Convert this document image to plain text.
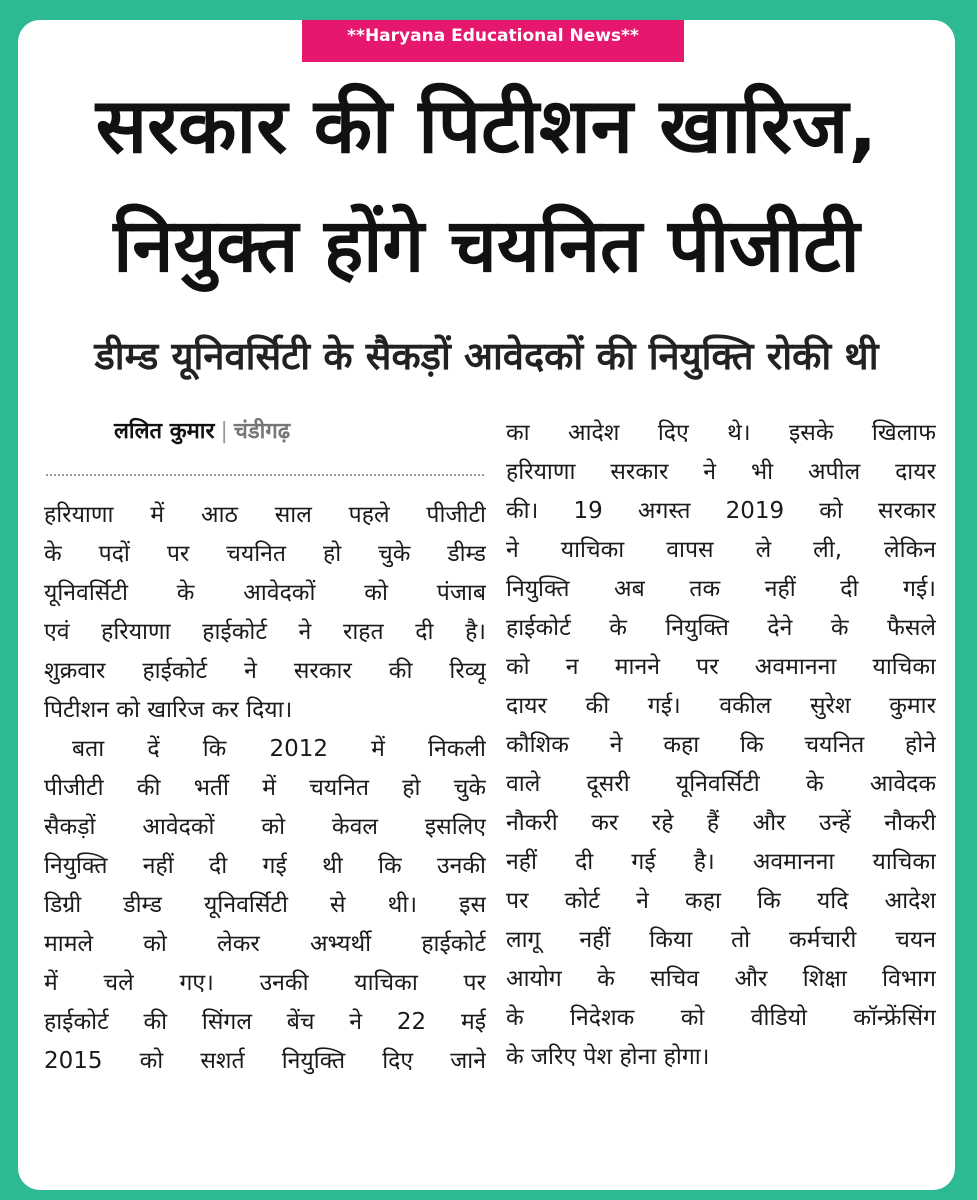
**Haryana Educational News**
सरकार की पिटीशन खारिज,
नियुक्त होंगे चयनित पीजीटी
डीम्ड यूनिवर्सिटी के सैकड़ों आवेदकों की नियुक्ति रोकी थी
ललित कुमार | चंडीगढ़
हरियाणा में आठ साल पहले पीजीटी
के पदों पर चयनित हो चुके डीम्ड
यूनिवर्सिटी के आवेदकों को पंजाब
एवं हरियाणा हाईकोर्ट ने राहत दी है।
शुक्रवार हाईकोर्ट ने सरकार की रिव्यू
पिटीशन को खारिज कर दिया।
बता दें कि 2012 में निकली
पीजीटी की भर्ती में चयनित हो चुके
सैकड़ों आवेदकों को केवल इसलिए
नियुक्ति नहीं दी गई थी कि उनकी
डिग्री डीम्ड यूनिवर्सिटी से थी। इस
मामले को लेकर अभ्यर्थी हाईकोर्ट
में चले गए। उनकी याचिका पर
हाईकोर्ट की सिंगल बेंच ने 22 मई
2015 को सशर्त नियुक्ति दिए जाने
का आदेश दिए थे। इसके खिलाफ
हरियाणा सरकार ने भी अपील दायर
की। 19 अगस्त 2019 को सरकार
ने याचिका वापस ले ली, लेकिन
नियुक्ति अब तक नहीं दी गई।
हाईकोर्ट के नियुक्ति देने के फैसले
को न मानने पर अवमानना याचिका
दायर की गई। वकील सुरेश कुमार
कौशिक ने कहा कि चयनित होने
वाले दूसरी यूनिवर्सिटी के आवेदक
नौकरी कर रहे हैं और उन्हें नौकरी
नहीं दी गई है। अवमानना याचिका
पर कोर्ट ने कहा कि यदि आदेश
लागू नहीं किया तो कर्मचारी चयन
आयोग के सचिव और शिक्षा विभाग
के निदेशक को वीडियो कॉन्फ्रेंसिंग
के जरिए पेश होना होगा।
